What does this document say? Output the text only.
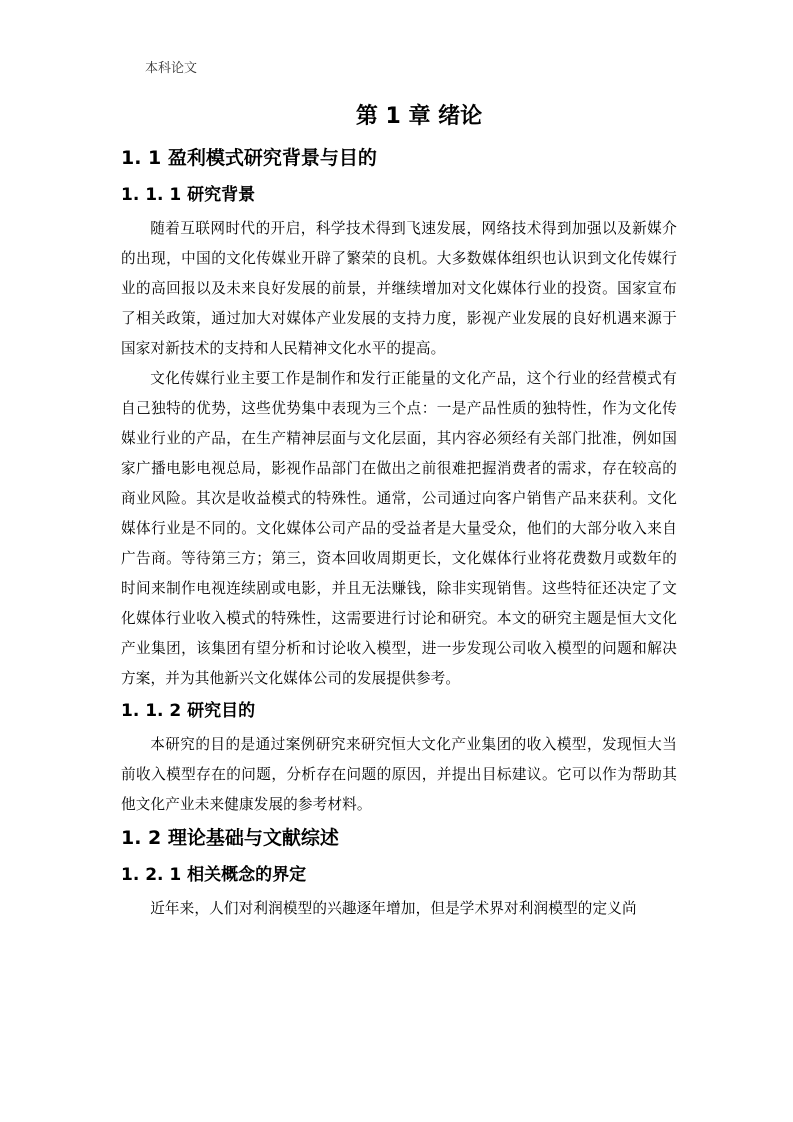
本科论文
第 1 章 绪论
1. 1 盈利模式研究背景与目的
1. 1. 1 研究背景

随着互联网时代的开启，科学技术得到飞速发展，网络技术得到加强以及新媒介的出现，中国的文化传媒业开辟了繁荣的良机。大多数媒体组织也认识到文化传媒行业的高回报以及未来良好发展的前景，并继续增加对文化媒体行业的投资。国家宣布了相关政策，通过加大对媒体产业发展的支持力度，影视产业发展的良好机遇来源于国家对新技术的支持和人民精神文化水平的提高。

文化传媒行业主要工作是制作和发行正能量的文化产品，这个行业的经营模式有自己独特的优势，这些优势集中表现为三个点：一是产品性质的独特性，作为文化传媒业行业的产品，在生产精神层面与文化层面，其内容必须经有关部门批准，例如国家广播电影电视总局，影视作品部门在做出之前很难把握消费者的需求，存在较高的商业风险。其次是收益模式的特殊性。通常，公司通过向客户销售产品来获利。文化媒体行业是不同的。文化媒体公司产品的受益者是大量受众，他们的大部分收入来自广告商。等待第三方；第三，资本回收周期更长，文化媒体行业将花费数月或数年的时间来制作电视连续剧或电影，并且无法赚钱，除非实现销售。这些特征还决定了文化媒体行业收入模式的特殊性，这需要进行讨论和研究。本文的研究主题是恒大文化产业集团，该集团有望分析和讨论收入模型，进一步发现公司收入模型的问题和解决方案，并为其他新兴文化媒体公司的发展提供参考。

1. 1. 2 研究目的

本研究的目的是通过案例研究来研究恒大文化产业集团的收入模型，发现恒大当前收入模型存在的问题，分析存在问题的原因，并提出目标建议。它可以作为帮助其他文化产业未来健康发展的参考材料。

1. 2 理论基础与文献综述
1. 2. 1 相关概念的界定

近年来，人们对利润模型的兴趣逐年增加，但是学术界对利润模型的定义尚
